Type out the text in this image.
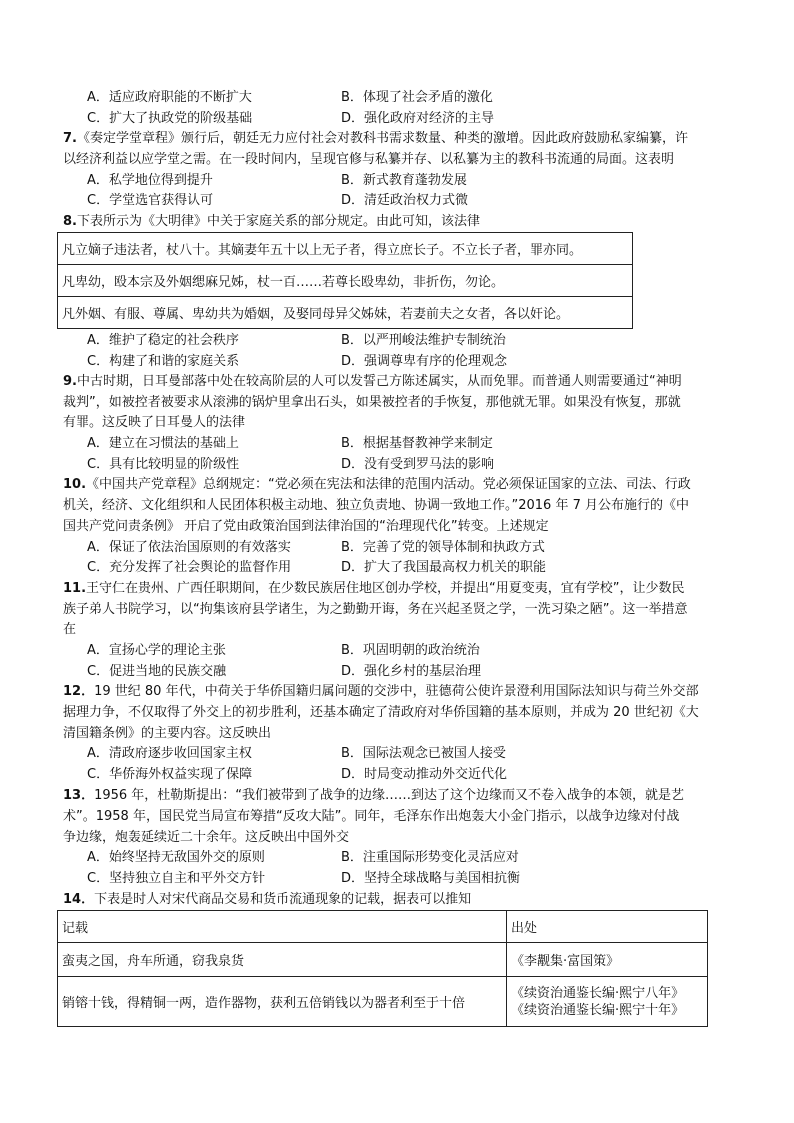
A．适应政府职能的不断扩大	B．体现了社会矛盾的激化
C．扩大了执政党的阶级基础	D．强化政府对经济的主导
7.《奏定学堂章程》颁行后，朝廷无力应付社会对教科书需求数量、种类的激增。因此政府鼓励私家编纂，许
以经济利益以应学堂之需。在一段时间内，呈现官修与私纂并存、以私纂为主的教科书流通的局面。这表明
A．私学地位得到提升	B．新式教育蓬勃发展
C．学堂选官获得认可	D．清廷政治权力式微
8.下表所示为《大明律》中关于家庭关系的部分规定。由此可知，该法律
凡立嫡子违法者，杖八十。其嫡妻年五十以上无子者，得立庶长子。不立长子者，罪亦同。
凡卑幼，殴本宗及外姻缌麻兄姊，杖一百……若尊长殴卑幼，非折伤，勿论。
凡外姻、有服、尊属、卑幼共为婚姻，及娶同母异父姊妹，若妻前夫之女者，各以奸论。
A．维护了稳定的社会秩序	B．以严刑峻法维护专制统治
C．构建了和谐的家庭关系	D．强调尊卑有序的伦理观念
9.中古时期，日耳曼部落中处在较高阶层的人可以发誓己方陈述属实，从而免罪。而普通人则需要通过“神明
裁判”，如被控者被要求从滚沸的锅炉里拿出石头，如果被控者的手恢复，那他就无罪。如果没有恢复，那就
有罪。这反映了日耳曼人的法律
A．建立在习惯法的基础上	B．根据基督教神学来制定
C．具有比较明显的阶级性	D．没有受到罗马法的影响
10.《中国共产党章程》总纲规定：“党必须在宪法和法律的范围内活动。党必须保证国家的立法、司法、行政
机关，经济、文化组织和人民团体积极主动地、独立负责地、协调一致地工作。”2016 年 7 月公布施行的《中
国共产党问责条例》 开启了党由政策治国到法律治国的“治理现代化”转变。上述规定
A．保证了依法治国原则的有效落实	B．完善了党的领导体制和执政方式
C．充分发挥了社会舆论的监督作用	D．扩大了我国最高权力机关的职能
11.王守仁在贵州、广西任职期间，在少数民族居住地区创办学校，并提出“用夏变夷，宜有学校”，让少数民
族子弟人书院学习，以“拘集该府县学诸生，为之勤勤开诲，务在兴起圣贤之学，一洗习染之陋”。这一举措意
在
A．宣扬心学的理论主张	B．巩固明朝的政治统治
C．促进当地的民族交融	D．强化乡村的基层治理
12．19 世纪 80 年代，中荷关于华侨国籍归属问题的交涉中，驻德荷公使许景澄利用国际法知识与荷兰外交部
据理力争，不仅取得了外交上的初步胜利，还基本确定了清政府对华侨国籍的基本原则，并成为 20 世纪初《大
清国籍条例》的主要内容。这反映出
A．清政府逐步收回国家主权	B．国际法观念已被国人接受
C．华侨海外权益实现了保障	D．时局变动推动外交近代化
13．1956 年，杜勒斯提出：“我们被带到了战争的边缘……到达了这个边缘而又不卷入战争的本领，就是艺
术”。1958 年，国民党当局宣布筹措“反攻大陆”。同年，毛泽东作出炮轰大小金门指示，以战争边缘对付战
争边缘，炮轰延续近二十余年。这反映出中国外交
A．始终坚持无敌国外交的原则	B．注重国际形势变化灵活应对
C．坚持独立自主和平外交方针	D．坚持全球战略与美国相抗衡
14．下表是时人对宋代商品交易和货币流通现象的记载，据表可以推知
记载	出处
蛮夷之国，舟车所通，窃我泉货	《李觏集·富国策》
销镕十钱，得精铜一两，造作器物，获利五倍销钱以为器者利至于十倍	《续资治通鉴长编·熙宁八年》
《续资治通鉴长编·熙宁十年》
